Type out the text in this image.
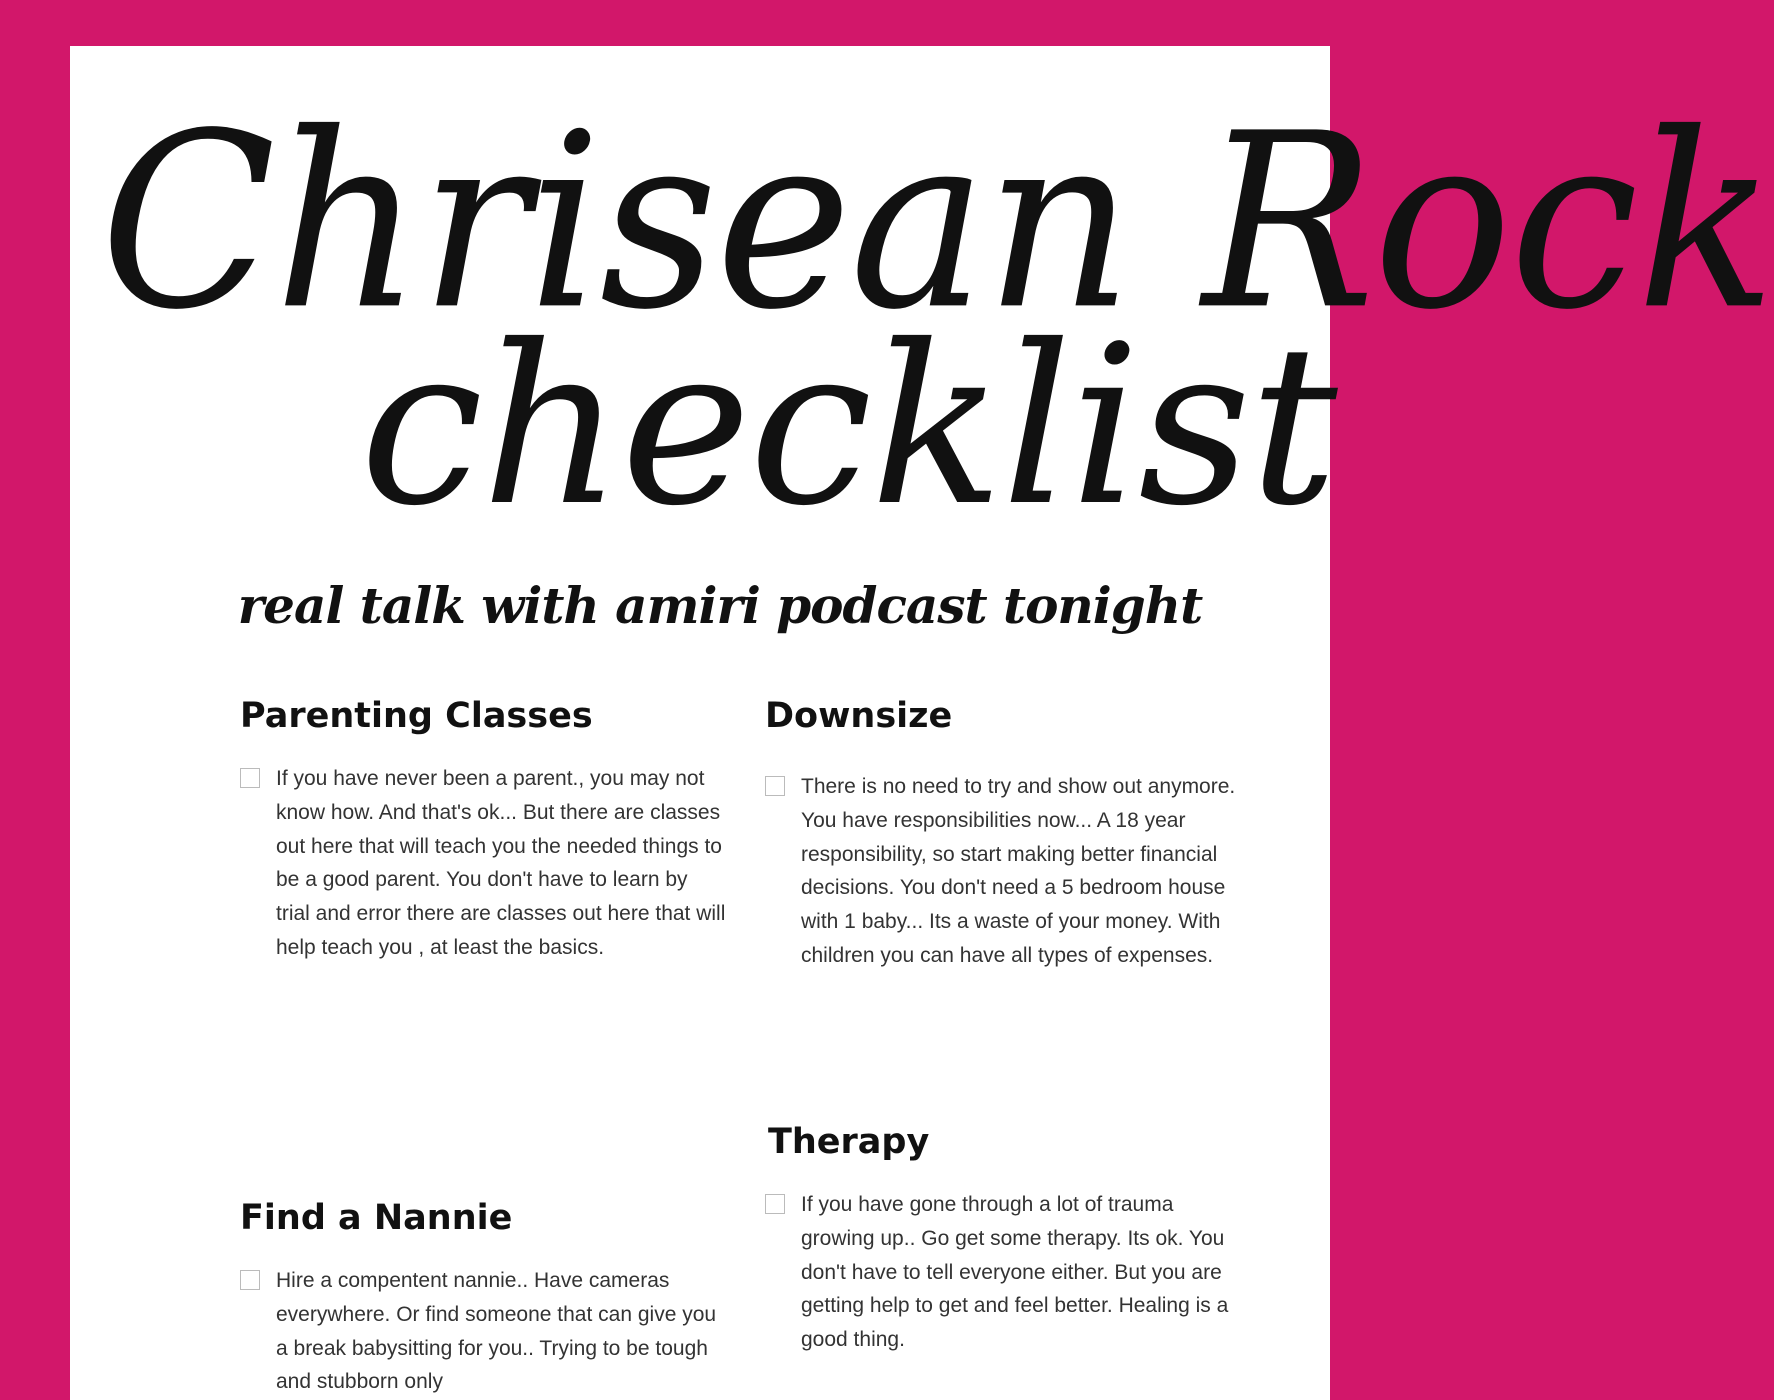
Chrisean Rock
checklist
real talk with amiri podcast tonight
Parenting Classes

If you have never been a parent., you may not know how. And that's ok... But there are classes out here that will teach you the needed things to be a good parent. You don't have to learn by trial and error there are classes out here that will help teach you , at least the basics.

Downsize

There is no need to try and show out anymore. You have responsibilities now... A 18 year responsibility, so start making better financial decisions. You don't need a 5 bedroom house with 1 baby... Its a waste of your money. With children you can have all types of expenses.

Therapy

If you have gone through a lot of trauma growing up.. Go get some therapy. Its ok. You don't have to tell everyone either. But you are getting help to get and feel better. Healing is a good thing.

Find a Nannie

Hire a compentent nannie.. Have cameras everywhere. Or find someone that can give you a break babysitting for you.. Trying to be tough and stubborn only
